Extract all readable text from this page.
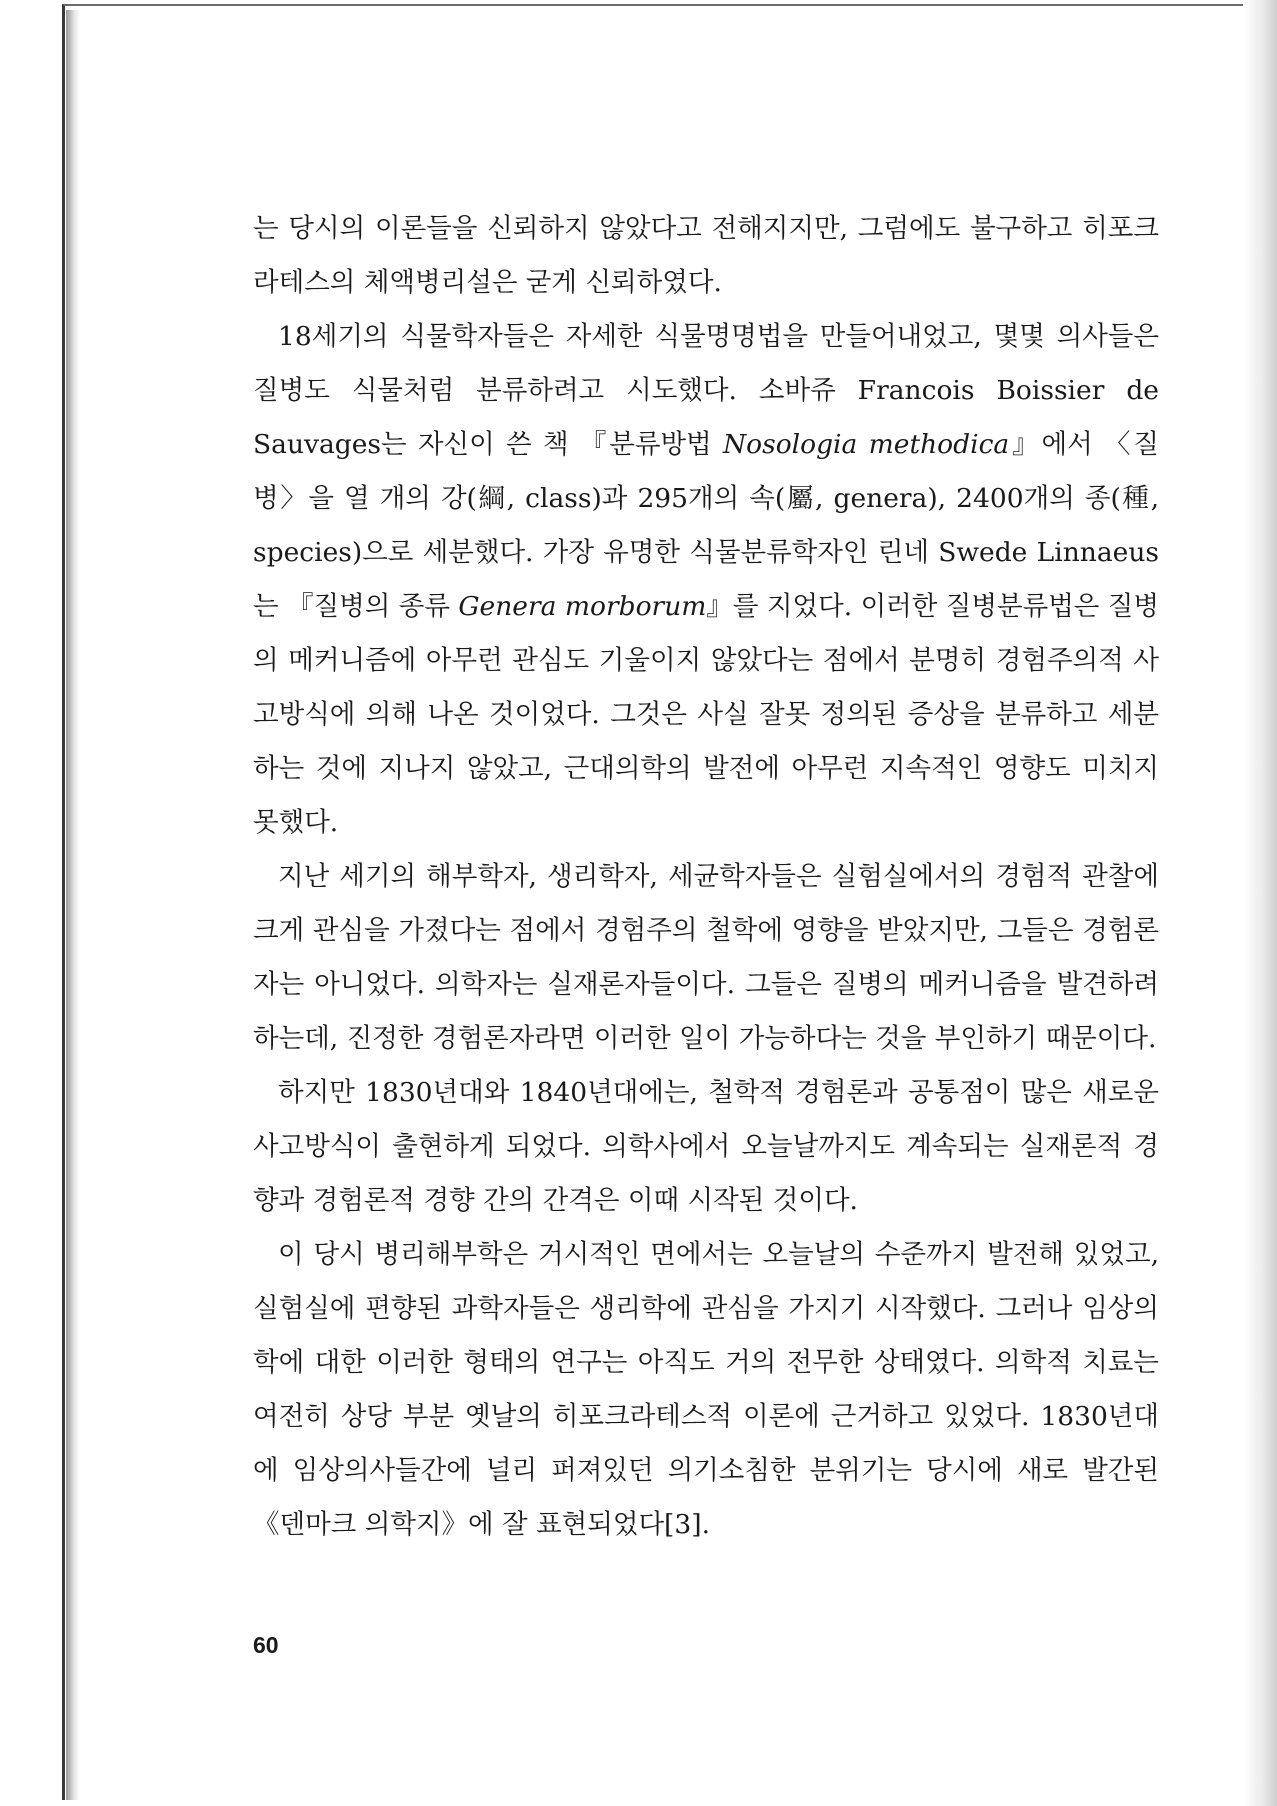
는 당시의 이론들을 신뢰하지 않았다고 전해지지만, 그럼에도 불구하고 히포크라테스의 체액병리설은 굳게 신뢰하였다.

18세기의 식물학자들은 자세한 식물명명법을 만들어내었고, 몇몇 의사들은 질병도 식물처럼 분류하려고 시도했다. 소바쥬 Francois Boissier de Sauvages는 자신이 쓴 책 『분류방법 Nosologia methodica』에서 〈질병〉을 열 개의 강(綱, class)과 295개의 속(屬, genera), 2400개의 종(種, species)으로 세분했다. 가장 유명한 식물분류학자인 린네 Swede Linnaeus는 『질병의 종류 Genera morborum』를 지었다. 이러한 질병분류법은 질병의 메커니즘에 아무런 관심도 기울이지 않았다는 점에서 분명히 경험주의적 사고방식에 의해 나온 것이었다. 그것은 사실 잘못 정의된 증상을 분류하고 세분하는 것에 지나지 않았고, 근대의학의 발전에 아무런 지속적인 영향도 미치지 못했다.

지난 세기의 해부학자, 생리학자, 세균학자들은 실험실에서의 경험적 관찰에 크게 관심을 가졌다는 점에서 경험주의 철학에 영향을 받았지만, 그들은 경험론자는 아니었다. 의학자는 실재론자들이다. 그들은 질병의 메커니즘을 발견하려 하는데, 진정한 경험론자라면 이러한 일이 가능하다는 것을 부인하기 때문이다.

하지만 1830년대와 1840년대에는, 철학적 경험론과 공통점이 많은 새로운 사고방식이 출현하게 되었다. 의학사에서 오늘날까지도 계속되는 실재론적 경향과 경험론적 경향 간의 간격은 이때 시작된 것이다.

이 당시 병리해부학은 거시적인 면에서는 오늘날의 수준까지 발전해 있었고, 실험실에 편향된 과학자들은 생리학에 관심을 가지기 시작했다. 그러나 임상의학에 대한 이러한 형태의 연구는 아직도 거의 전무한 상태였다. 의학적 치료는 여전히 상당 부분 옛날의 히포크라테스적 이론에 근거하고 있었다. 1830년대에 임상의사들간에 널리 퍼져있던 의기소침한 분위기는 당시에 새로 발간된 《덴마크 의학지》에 잘 표현되었다[3].

60
